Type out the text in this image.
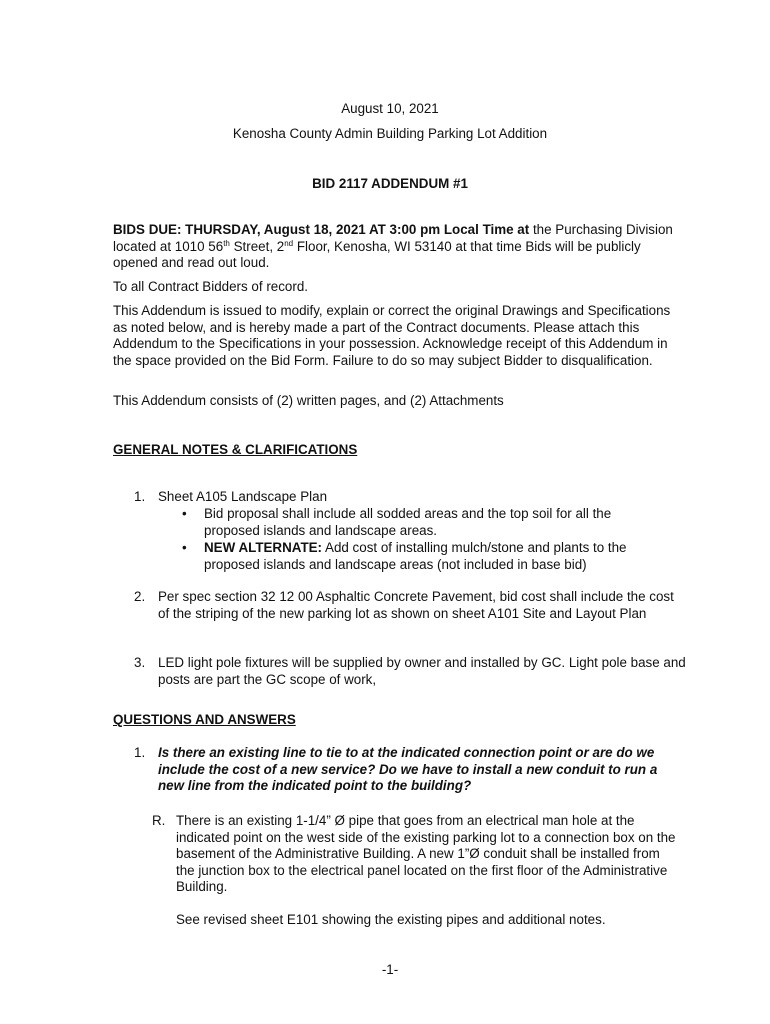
August 10, 2021

Kenosha County Admin Building Parking Lot Addition

BID 2117 ADDENDUM #1

BIDS DUE: THURSDAY, August 18, 2021 AT 3:00 pm Local Time at the Purchasing Division located at 1010 56th Street, 2nd Floor, Kenosha, WI 53140 at that time Bids will be publicly opened and read out loud.

To all Contract Bidders of record.

This Addendum is issued to modify, explain or correct the original Drawings and Specifications as noted below, and is hereby made a part of the Contract documents. Please attach this Addendum to the Specifications in your possession. Acknowledge receipt of this Addendum in the space provided on the Bid Form. Failure to do so may subject Bidder to disqualification.

This Addendum consists of (2) written pages, and (2) Attachments

GENERAL NOTES & CLARIFICATIONS

1. Sheet A105 Landscape Plan

• Bid proposal shall include all sodded areas and the top soil for all the proposed islands and landscape areas.

• NEW ALTERNATE: Add cost of installing mulch/stone and plants to the proposed islands and landscape areas (not included in base bid)

2. Per spec section 32 12 00 Asphaltic Concrete Pavement, bid cost shall include the cost of the striping of the new parking lot as shown on sheet A101 Site and Layout Plan

3. LED light pole fixtures will be supplied by owner and installed by GC. Light pole base and posts are part the GC scope of work,

QUESTIONS AND ANSWERS

1. Is there an existing line to tie to at the indicated connection point or are do we include the cost of a new service? Do we have to install a new conduit to run a new line from the indicated point to the building?

R. There is an existing 1-1/4” Ø pipe that goes from an electrical man hole at the indicated point on the west side of the existing parking lot to a connection box on the basement of the Administrative Building. A new 1”Ø conduit shall be installed from the junction box to the electrical panel located on the first floor of the Administrative Building.

See revised sheet E101 showing the existing pipes and additional notes.

-1-
